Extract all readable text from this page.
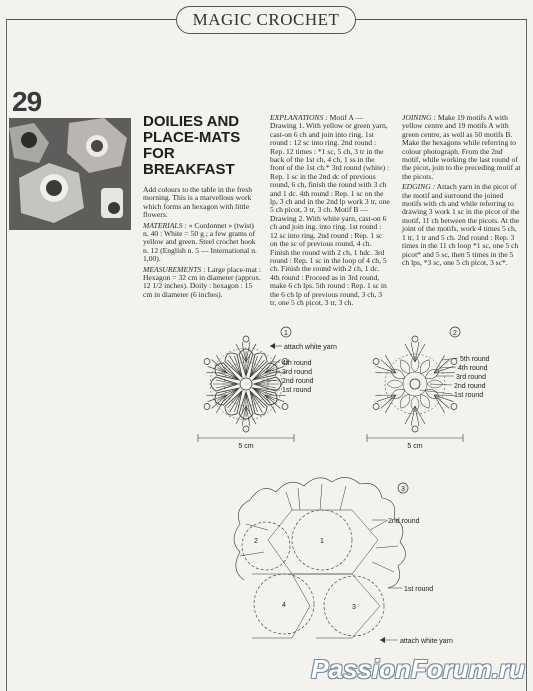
MAGIC CROCHET
29
DOILIES AND
PLACE-MATS
FOR
BREAKFAST

Add colours to the table in the fresh morning. This is a marvellous work which forms an hexagon with little flowers.

MATERIALS : « Cordonnet » (twist) n. 40 : White = 50 g ; a few grams of yellow and green. Steel crochet hook n. 12 (English n. 5 — International n. 1,00).

MEASUREMENTS : Large place-mat : Hexagon = 32 cm in diameter (approx. 12 1/2 inches). Doily : hexagon : 15 cm in diameter (6 inches).

EXPLANATIONS : Motif A — Drawing 1. With yellow or green yarn, cast-on 6 ch and join into ring. 1st round : 12 sc into ring. 2nd round : Rep. 12 times : *1 sc, 5 ch, 3 tr in the back of the 1st ch, 4 ch, 1 ss in the front of the 1st ch.* 3rd round (white) : Rep. 1 sc in the 2nd dc of previous round, 6 ch, finish the round with 3 ch and 1 dc. 4th round : Rep. 1 sc on the lp, 3 ch and in the 2nd lp work 3 tr, one 5 ch picot, 3 tr, 3 ch. Motif B — Drawing 2. With white yarn, cast-on 6 ch and join ing. into ring. 1st round : 12 sc into ring. 2nd round : Rep. 1 sc on the sc of previous round, 4 ch. Finish the round with 2 ch, 1 hdc. 3rd round : Rep. 1 sc in the loop of 4 ch, 5 ch. Finish the round with 2 ch, 1 dc. 4th round : Proceed as in 3rd round, make 6 ch lps. 5th round : Rep. 1 sc in the 6 ch lp of previous round, 3 ch, 3 tr, one 5 ch picot, 3 tr, 3 ch.

JOINING : Make 19 motifs A with yellow centre and 19 motifs A with green centre, as well as 50 motifs B. Make the hexagons while referring to colour photograph. From the 2nd motif, while working the last round of the picot, join to the preceding motif at the picots.

EDGING : Attach yarn in the picot of the motif and surround the joined motifs with ch and while referring to drawing 3 work 1 sc in the picot of the motif, 11 ch between the picots. At the joint of the motifs, work 4 times 5 ch, 1 tr, 1 tr and 5 ch. 2nd round : Rep. 3 times in the 11 ch loop *1 sc, one 5 ch picot* and 5 sc, then 5 times in the 5 ch lps, *3 sc, one 5 ch picot, 3 sc*.

1
attach white yarn
4th round
3rd round
2nd round
1st round
5 cm
2
5th round
4th round
3rd round
2nd round
1st round
5 cm
3
1
2
3
4
2nd round
1st round
attach white yarn
PassionForum.ru
